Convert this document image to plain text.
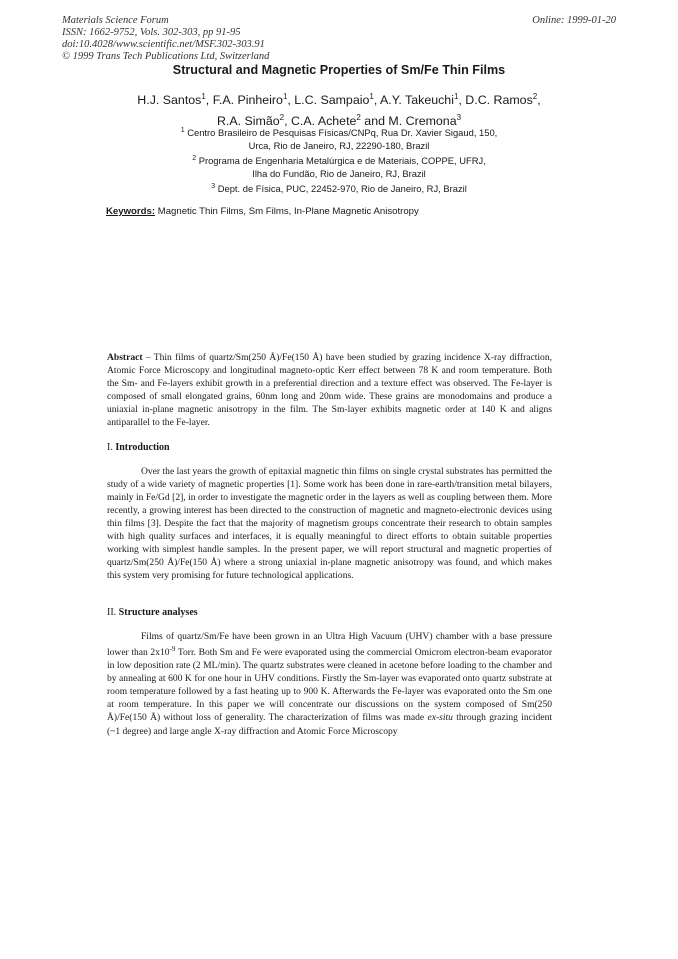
Materials Science Forum
ISSN: 1662-9752, Vols. 302-303, pp 91-95
doi:10.4028/www.scientific.net/MSF.302-303.91
© 1999 Trans Tech Publications Ltd, Switzerland
Online: 1999-01-20
Structural and Magnetic Properties of Sm/Fe Thin Films
H.J. Santos$^1$, F.A. Pinheiro$^1$, L.C. Sampaio$^1$, A.Y. Takeuchi$^1$, D.C. Ramos$^2$,
R.A. Simão$^2$, C.A. Achete$^2$ and M. Cremona$^3$
$^1$ Centro Brasileiro de Pesquisas Físicas/CNPq, Rua Dr. Xavier Sigaud, 150,
Urca, Rio de Janeiro, RJ, 22290-180, Brazil
$^2$ Programa de Engenharia Metalúrgica e de Materiais, COPPE, UFRJ,
Ilha do Fundão, Rio de Janeiro, RJ, Brazil
$^3$ Dept. de Física, PUC, 22452-970, Rio de Janeiro, RJ, Brazil
Keywords: Magnetic Thin Films, Sm Films, In-Plane Magnetic Anisotropy

Abstract – Thin films of quartz/Sm(250 Å)/Fe(150 Å) have been studied by grazing incidence X-ray diffraction, Atomic Force Microscopy and longitudinal magneto-optic Kerr effect between 78 K and room temperature. Both the Sm- and Fe-layers exhibit growth in a preferential direction and a texture effect was observed. The Fe-layer is composed of small elongated grains, 60nm long and 20nm wide. These grains are monodomains and produce a uniaxial in-plane magnetic anisotropy in the film. The Sm-layer exhibits magnetic order at 140 K and aligns antiparallel to the Fe-layer.

I. Introduction

Over the last years the growth of epitaxial magnetic thin films on single crystal substrates has permitted the study of a wide variety of magnetic properties [1]. Some work has been done in rare-earth/transition metal bilayers, mainly in Fe/Gd [2], in order to investigate the magnetic order in the layers as well as coupling between them. More recently, a growing interest has been directed to the construction of magnetic and magneto-electronic devices using thin films [3]. Despite the fact that the majority of magnetism groups concentrate their research to obtain samples with high quality surfaces and interfaces, it is equally meaningful to direct efforts to obtain suitable properties working with simplest handle samples. In the present paper, we will report structural and magnetic properties of quartz/Sm(250 Å)/Fe(150 Å) where a strong uniaxial in-plane magnetic anisotropy was found, and which makes this system very promising for future technological applications.

II. Structure analyses

Films of quartz/Sm/Fe have been grown in an Ultra High Vacuum (UHV) chamber with a base pressure lower than $2x10^{-9}$ Torr. Both Sm and Fe were evaporated using the commercial Omicrom electron-beam evaporator in low deposition rate (2 ML/min). The quartz substrates were cleaned in acetone before loading to the chamber and by annealing at 600 K for one hour in UHV conditions. Firstly the Sm-layer was evaporated onto quartz substrate at room temperature followed by a fast heating up to 900 K. Afterwards the Fe-layer was evaporated onto the Sm one at room temperature. In this paper we will concentrate our discussions on the system composed of Sm(250 Å)/Fe(150 Å) without loss of generality. The characterization of films was made ex-situ through grazing incident (~1 degree) and large angle X-ray diffraction and Atomic Force Microscopy
